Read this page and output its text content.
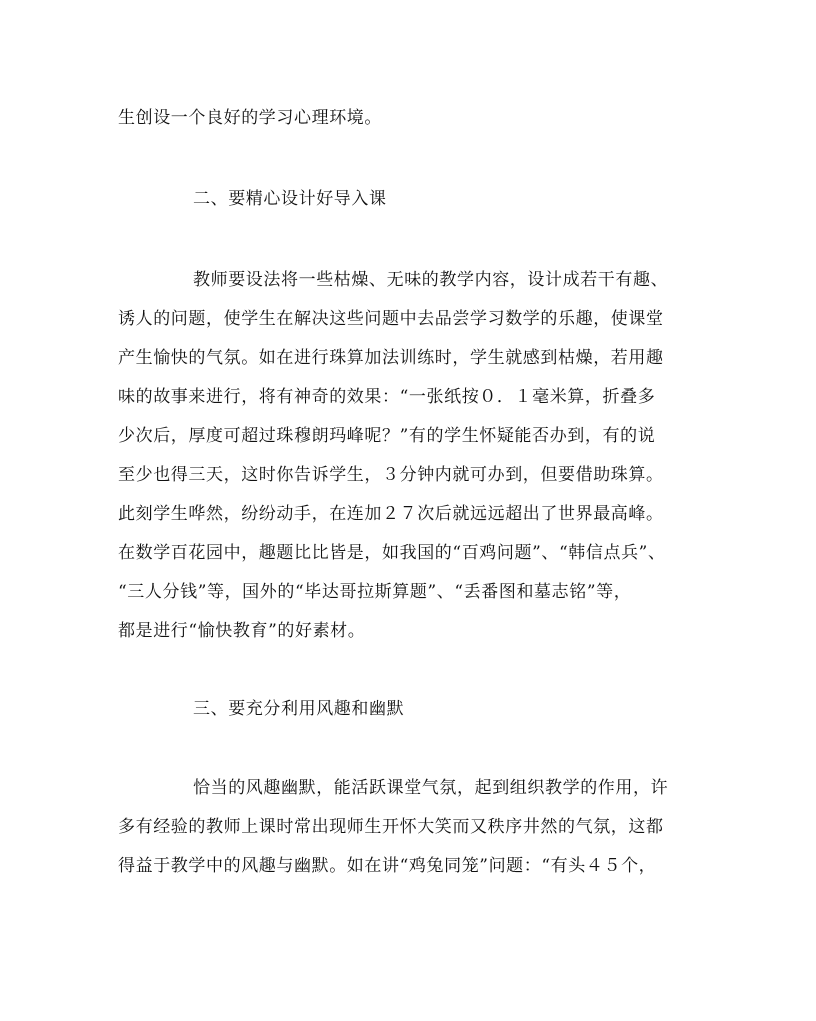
生创设一个良好的学习心理环境。
二、要精心设计好导入课
教师要设法将一些枯燥、无味的教学内容，设计成若干有趣、
诱人的问题，使学生在解决这些问题中去品尝学习数学的乐趣，使课堂
产生愉快的气氛。如在进行珠算加法训练时，学生就感到枯燥，若用趣
味的故事来进行，将有神奇的效果：“一张纸按０．１毫米算，折叠多
少次后，厚度可超过珠穆朗玛峰呢？”有的学生怀疑能否办到，有的说
至少也得三天，这时你告诉学生，３分钟内就可办到，但要借助珠算。
此刻学生哗然，纷纷动手，在连加２７次后就远远超出了世界最高峰。
在数学百花园中，趣题比比皆是，如我国的“百鸡问题”、“韩信点兵”、
“三人分钱”等，国外的“毕达哥拉斯算题”、“丢番图和墓志铭”等，
都是进行“愉快教育”的好素材。
三、要充分利用风趣和幽默
恰当的风趣幽默，能活跃课堂气氛，起到组织教学的作用，许
多有经验的教师上课时常出现师生开怀大笑而又秩序井然的气氛，这都
得益于教学中的风趣与幽默。如在讲“鸡兔同笼”问题：“有头４５个，
